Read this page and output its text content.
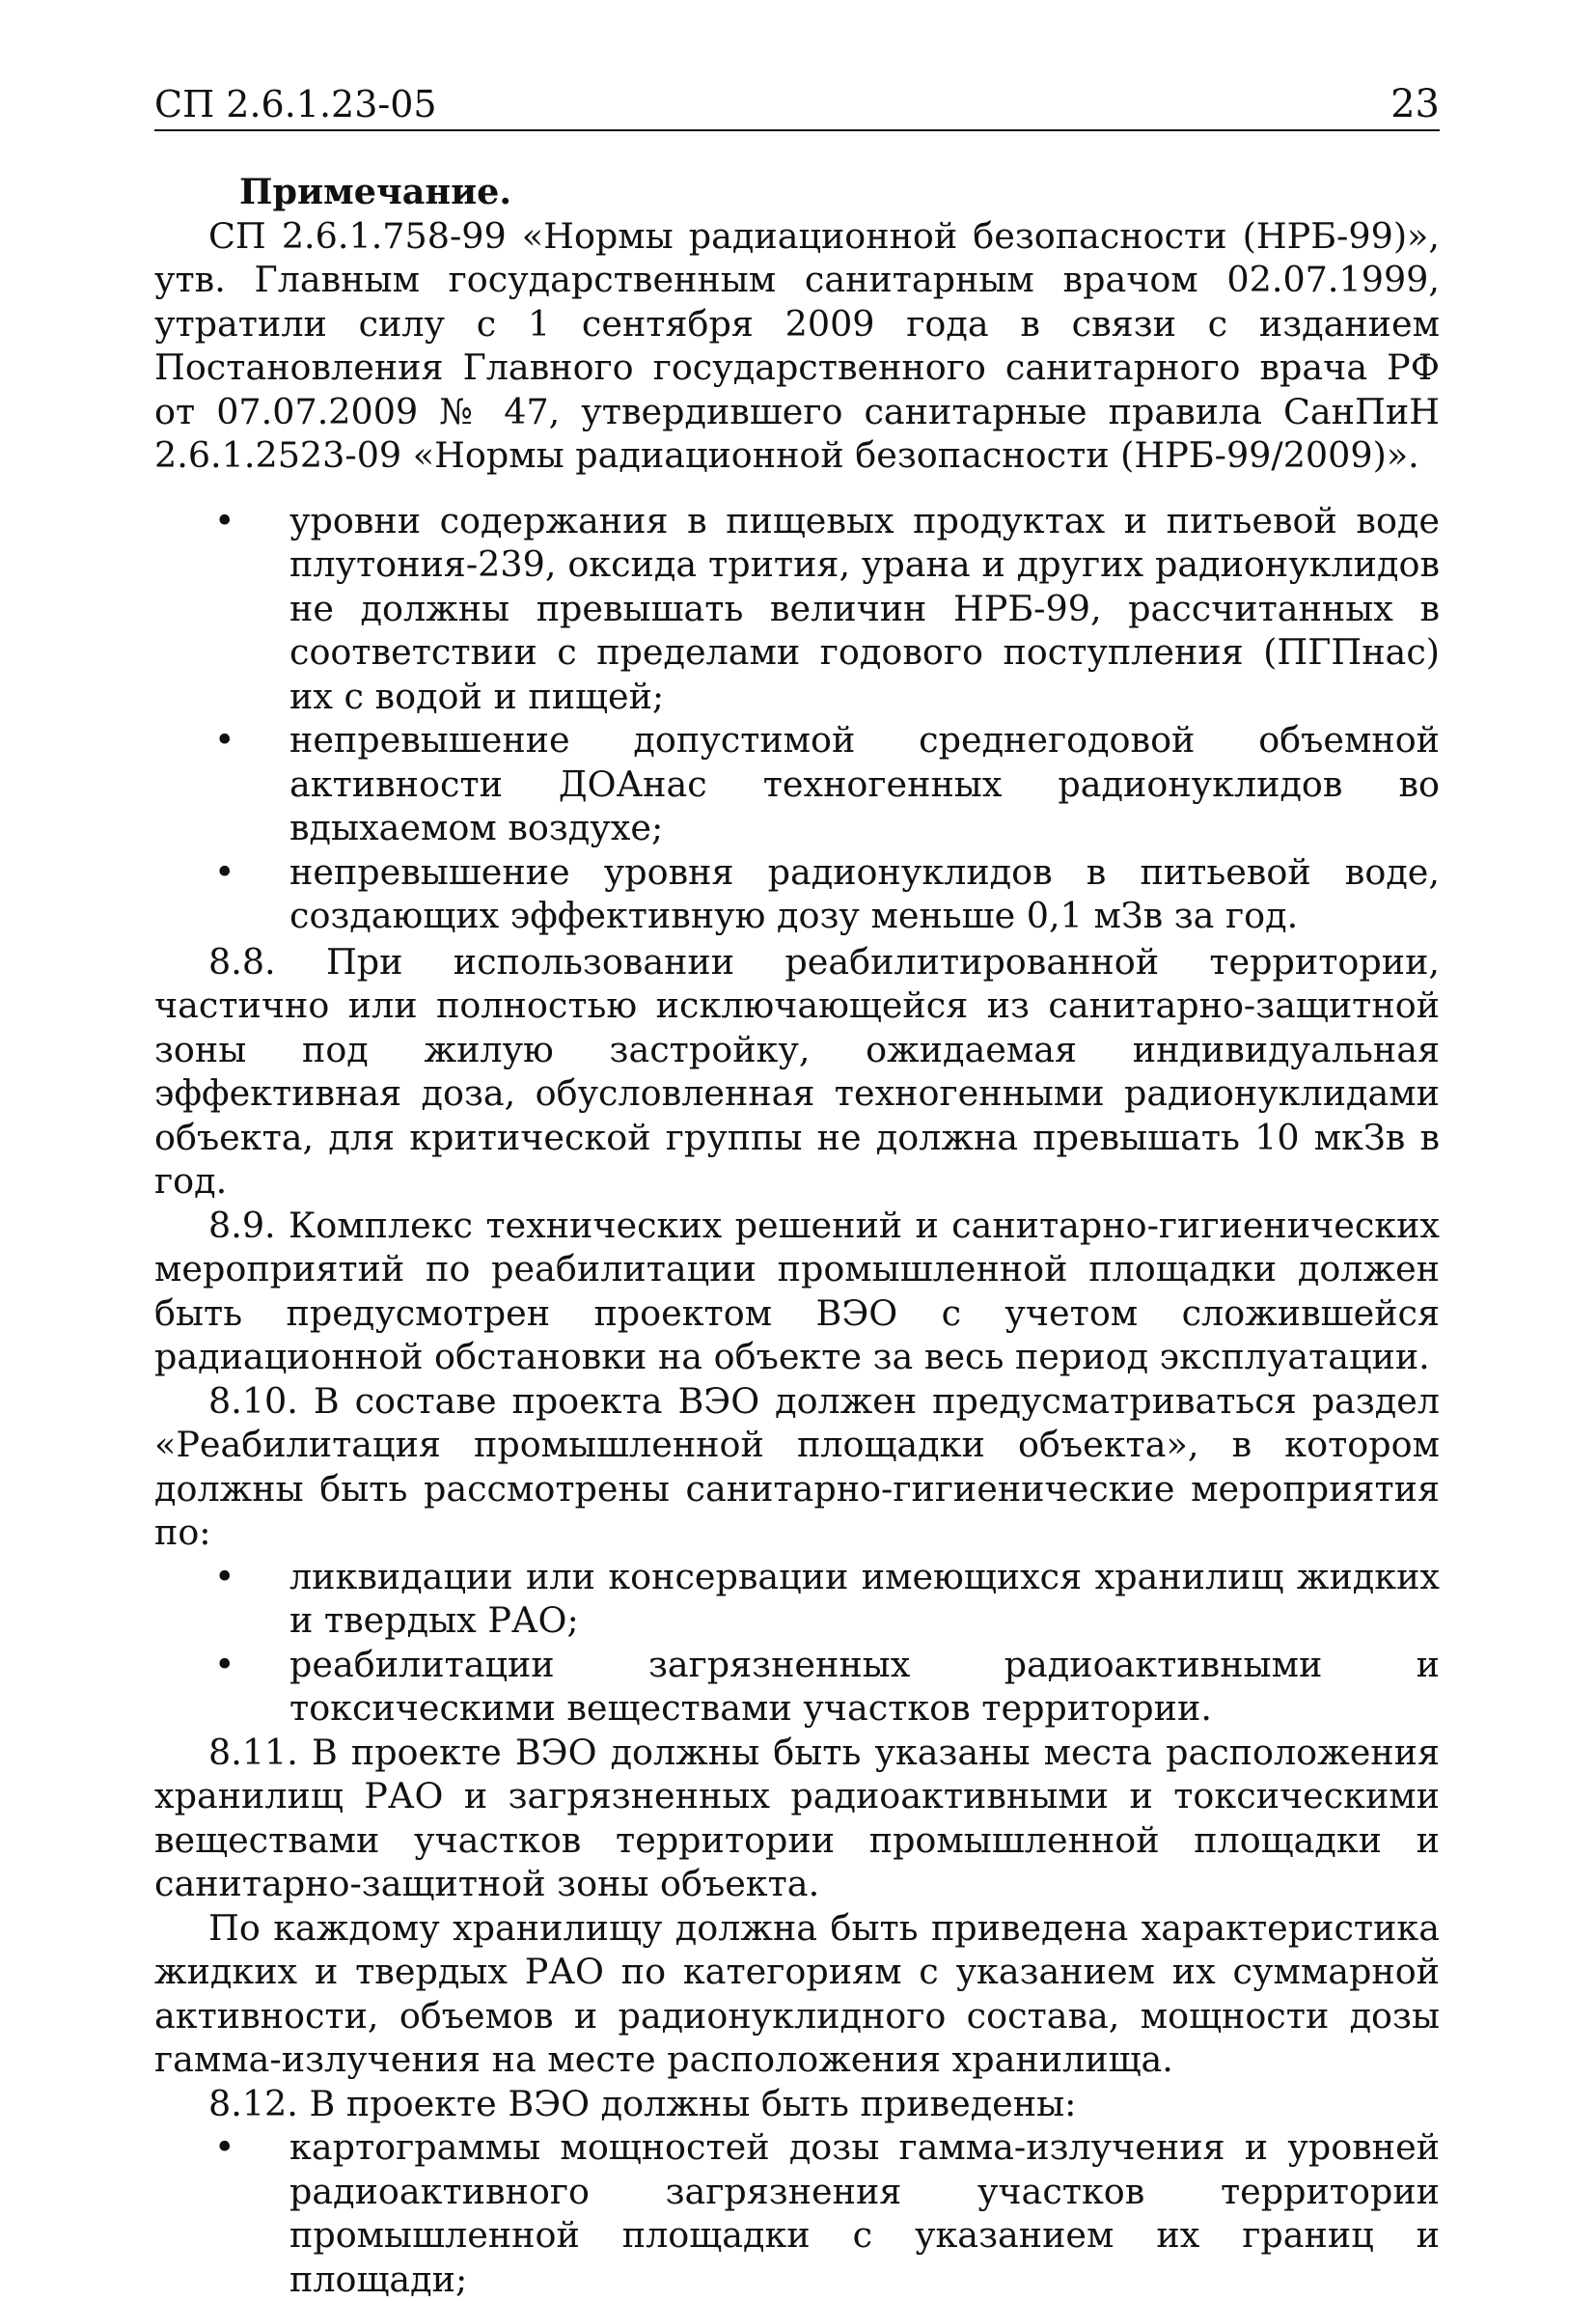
СП 2.6.1.23-05	23
Примечание.

СП 2.6.1.758-99 «Нормы радиационной безопасности (НРБ-99)», утв. Главным государственным санитарным врачом 02.07.1999, утратили силу с 1 сентября 2009 года в связи с изданием Постановления Главного государственного санитарного врача РФ от 07.07.2009 № 47, утвердившего санитарные правила СанПиН 2.6.1.2523-09 «Нормы радиационной безопасности (НРБ-99/2009)».

• уровни содержания в пищевых продуктах и питьевой воде плутония-239, оксида трития, урана и других радионуклидов не должны превышать величин НРБ-99, рассчитанных в соответствии с пределами годового поступления (ПГПнас) их с водой и пищей;
• непревышение допустимой среднегодовой объемной активности ДОАнас техногенных радионуклидов во вдыхаемом воздухе;
• непревышение уровня радионуклидов в питьевой воде, создающих эффективную дозу меньше 0,1 мЗв за год.

8.8. При использовании реабилитированной территории, частично или полностью исключающейся из санитарно-защитной зоны под жилую застройку, ожидаемая индивидуальная эффективная доза, обусловленная техногенными радионуклидами объекта, для критической группы не должна превышать 10 мкЗв в год.

8.9. Комплекс технических решений и санитарно-гигиенических мероприятий по реабилитации промышленной площадки должен быть предусмотрен проектом ВЭО с учетом сложившейся радиационной обстановки на объекте за весь период эксплуатации.

8.10. В составе проекта ВЭО должен предусматриваться раздел «Реабилитация промышленной площадки объекта», в котором должны быть рассмотрены санитарно-гигиенические мероприятия по:

• ликвидации или консервации имеющихся хранилищ жидких и твердых РАО;
• реабилитации загрязненных радиоактивными и токсическими веществами участков территории.

8.11. В проекте ВЭО должны быть указаны места расположения хранилищ РАО и загрязненных радиоактивными и токсическими веществами участков территории промышленной площадки и санитарно-защитной зоны объекта.

По каждому хранилищу должна быть приведена характеристика жидких и твердых РАО по категориям с указанием их суммарной активности, объемов и радионуклидного состава, мощности дозы гамма-излучения на месте расположения хранилища.

8.12. В проекте ВЭО должны быть приведены:

• картограммы мощностей дозы гамма-излучения и уровней радиоактивного загрязнения участков территории промышленной площадки с указанием их границ и площади;
